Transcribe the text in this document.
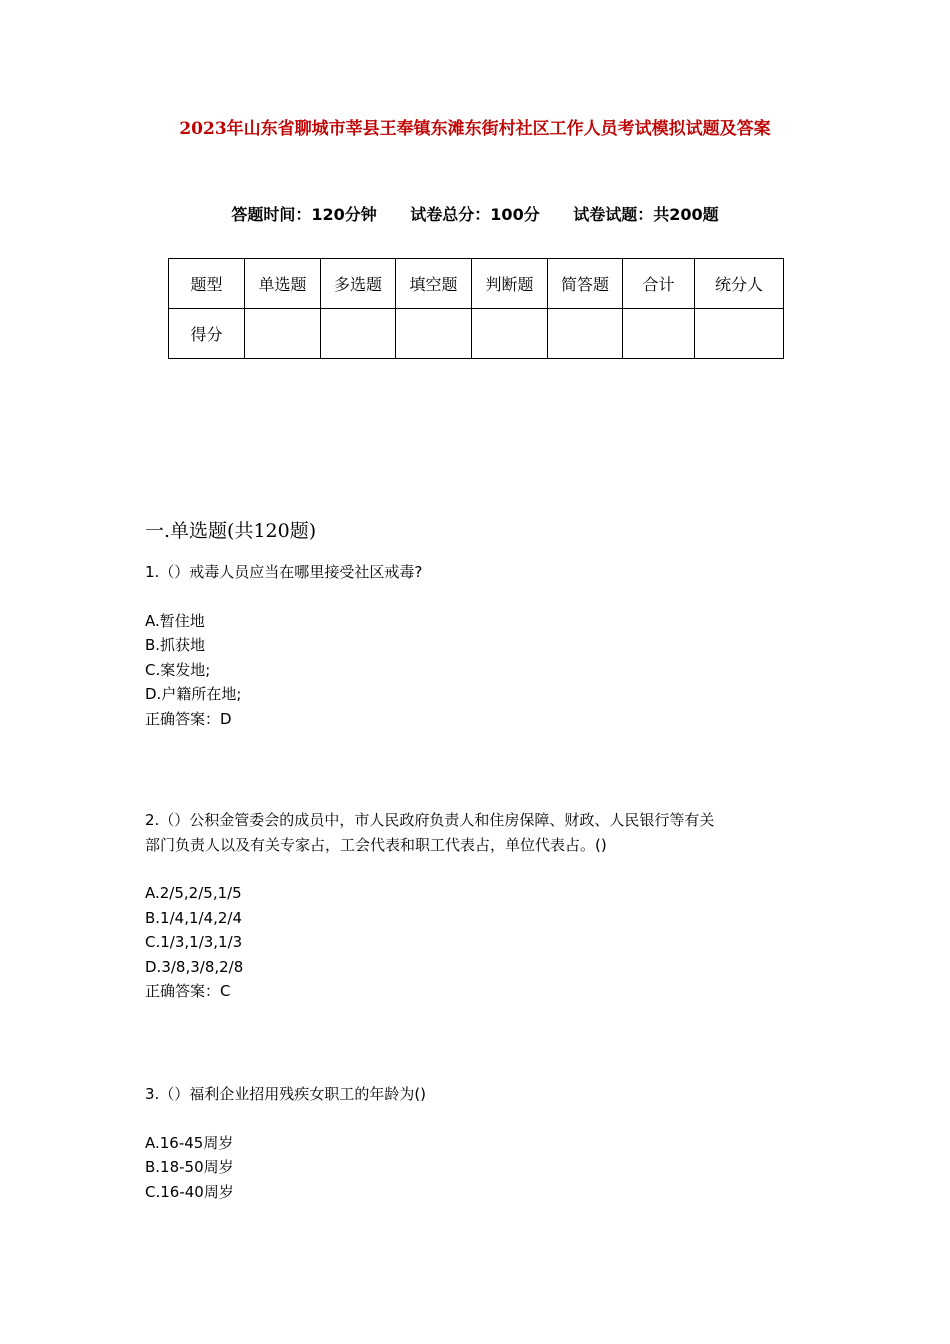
2023年山东省聊城市莘县王奉镇东滩东街村社区工作人员考试模拟试题及答案
答题时间：120分钟 试卷总分：100分 试卷试题：共200题
题型	单选题	多选题	填空题	判断题	简答题	合计	统分人
得分							
一.单选题(共120题)
1.（）戒毒人员应当在哪里接受社区戒毒?
A.暂住地
B.抓获地
C.案发地;
D.户籍所在地;
正确答案：D
2.（）公积金管委会的成员中，市人民政府负责人和住房保障、财政、人民银行等有关
部门负责人以及有关专家占，工会代表和职工代表占，单位代表占。()
A.2/5,2/5,1/5
B.1/4,1/4,2/4
C.1/3,1/3,1/3
D.3/8,3/8,2/8
正确答案：C
3.（）福利企业招用残疾女职工的年龄为()
A.16-45周岁
B.18-50周岁
C.16-40周岁
